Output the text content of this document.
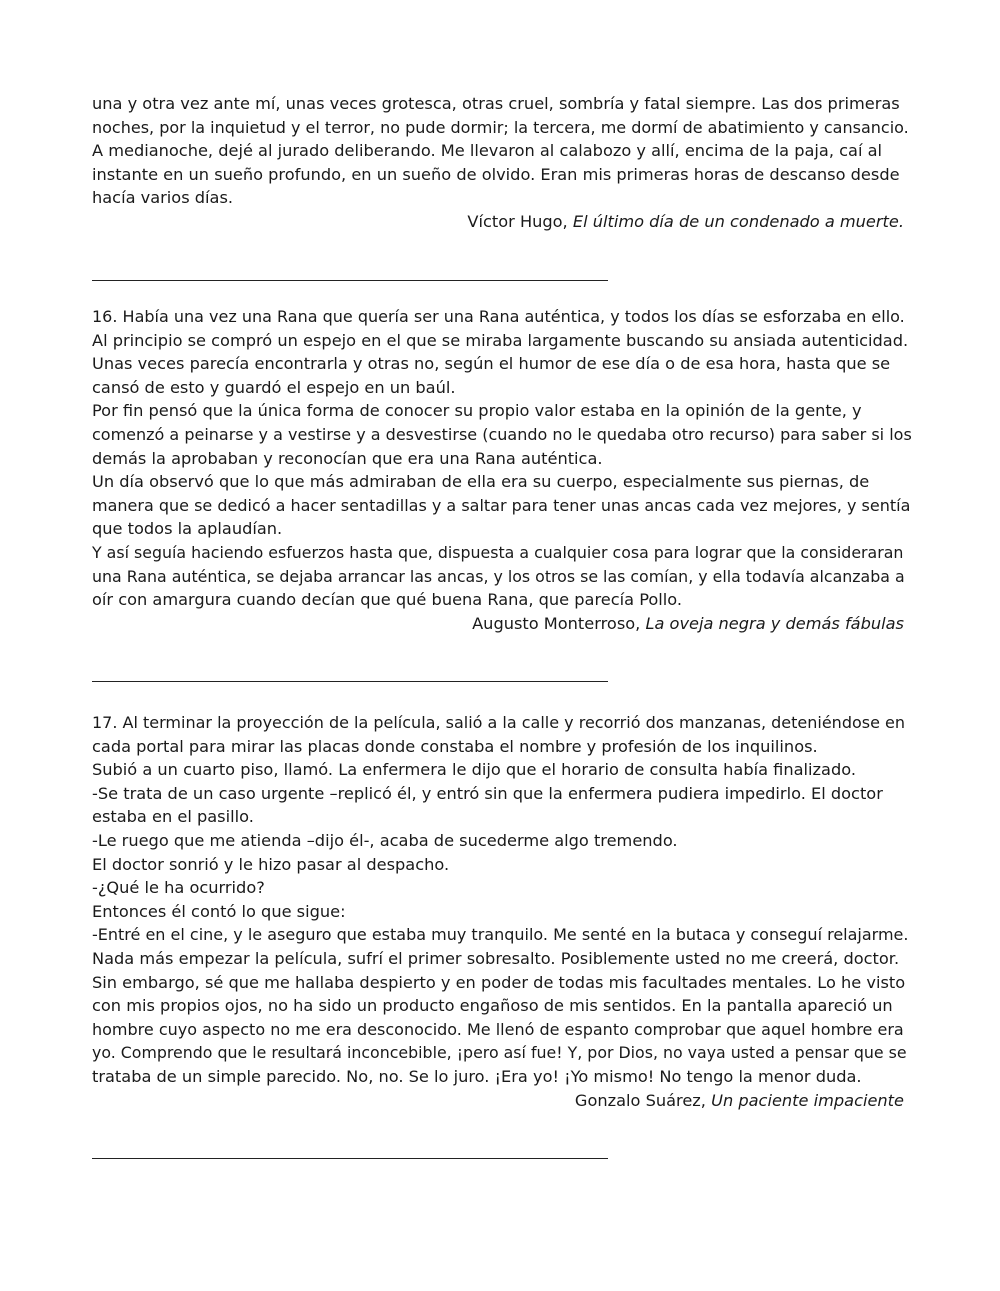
una y otra vez ante mí, unas veces grotesca, otras cruel, sombría y fatal siempre. Las dos primeras
noches, por la inquietud y el terror, no pude dormir; la tercera, me dormí de abatimiento y cansancio.
A medianoche, dejé al jurado deliberando. Me llevaron al calabozo y allí, encima de la paja, caí al
instante en un sueño profundo, en un sueño de olvido. Eran mis primeras horas de descanso desde
hacía varios días.

Víctor Hugo, El último día de un condenado a muerte.

16. Había una vez una Rana que quería ser una Rana auténtica, y todos los días se esforzaba en ello.
Al principio se compró un espejo en el que se miraba largamente buscando su ansiada autenticidad.
Unas veces parecía encontrarla y otras no, según el humor de ese día o de esa hora, hasta que se
cansó de esto y guardó el espejo en un baúl.
Por fin pensó que la única forma de conocer su propio valor estaba en la opinión de la gente, y
comenzó a peinarse y a vestirse y a desvestirse (cuando no le quedaba otro recurso) para saber si los
demás la aprobaban y reconocían que era una Rana auténtica.
Un día observó que lo que más admiraban de ella era su cuerpo, especialmente sus piernas, de
manera que se dedicó a hacer sentadillas y a saltar para tener unas ancas cada vez mejores, y sentía
que todos la aplaudían.
Y así seguía haciendo esfuerzos hasta que, dispuesta a cualquier cosa para lograr que la consideraran
una Rana auténtica, se dejaba arrancar las ancas, y los otros se las comían, y ella todavía alcanzaba a
oír con amargura cuando decían que qué buena Rana, que parecía Pollo.

Augusto Monterroso, La oveja negra y demás fábulas

17. Al terminar la proyección de la película, salió a la calle y recorrió dos manzanas, deteniéndose en
cada portal para mirar las placas donde constaba el nombre y profesión de los inquilinos.
Subió a un cuarto piso, llamó. La enfermera le dijo que el horario de consulta había finalizado.
-Se trata de un caso urgente –replicó él, y entró sin que la enfermera pudiera impedirlo. El doctor
estaba en el pasillo.
-Le ruego que me atienda –dijo él-, acaba de sucederme algo tremendo.
El doctor sonrió y le hizo pasar al despacho.
-¿Qué le ha ocurrido?
Entonces él contó lo que sigue:
-Entré en el cine, y le aseguro que estaba muy tranquilo. Me senté en la butaca y conseguí relajarme.
Nada más empezar la película, sufrí el primer sobresalto. Posiblemente usted no me creerá, doctor.
Sin embargo, sé que me hallaba despierto y en poder de todas mis facultades mentales. Lo he visto
con mis propios ojos, no ha sido un producto engañoso de mis sentidos. En la pantalla apareció un
hombre cuyo aspecto no me era desconocido. Me llenó de espanto comprobar que aquel hombre era
yo. Comprendo que le resultará inconcebible, ¡pero así fue! Y, por Dios, no vaya usted a pensar que se
trataba de un simple parecido. No, no. Se lo juro. ¡Era yo! ¡Yo mismo! No tengo la menor duda.

Gonzalo Suárez, Un paciente impaciente
